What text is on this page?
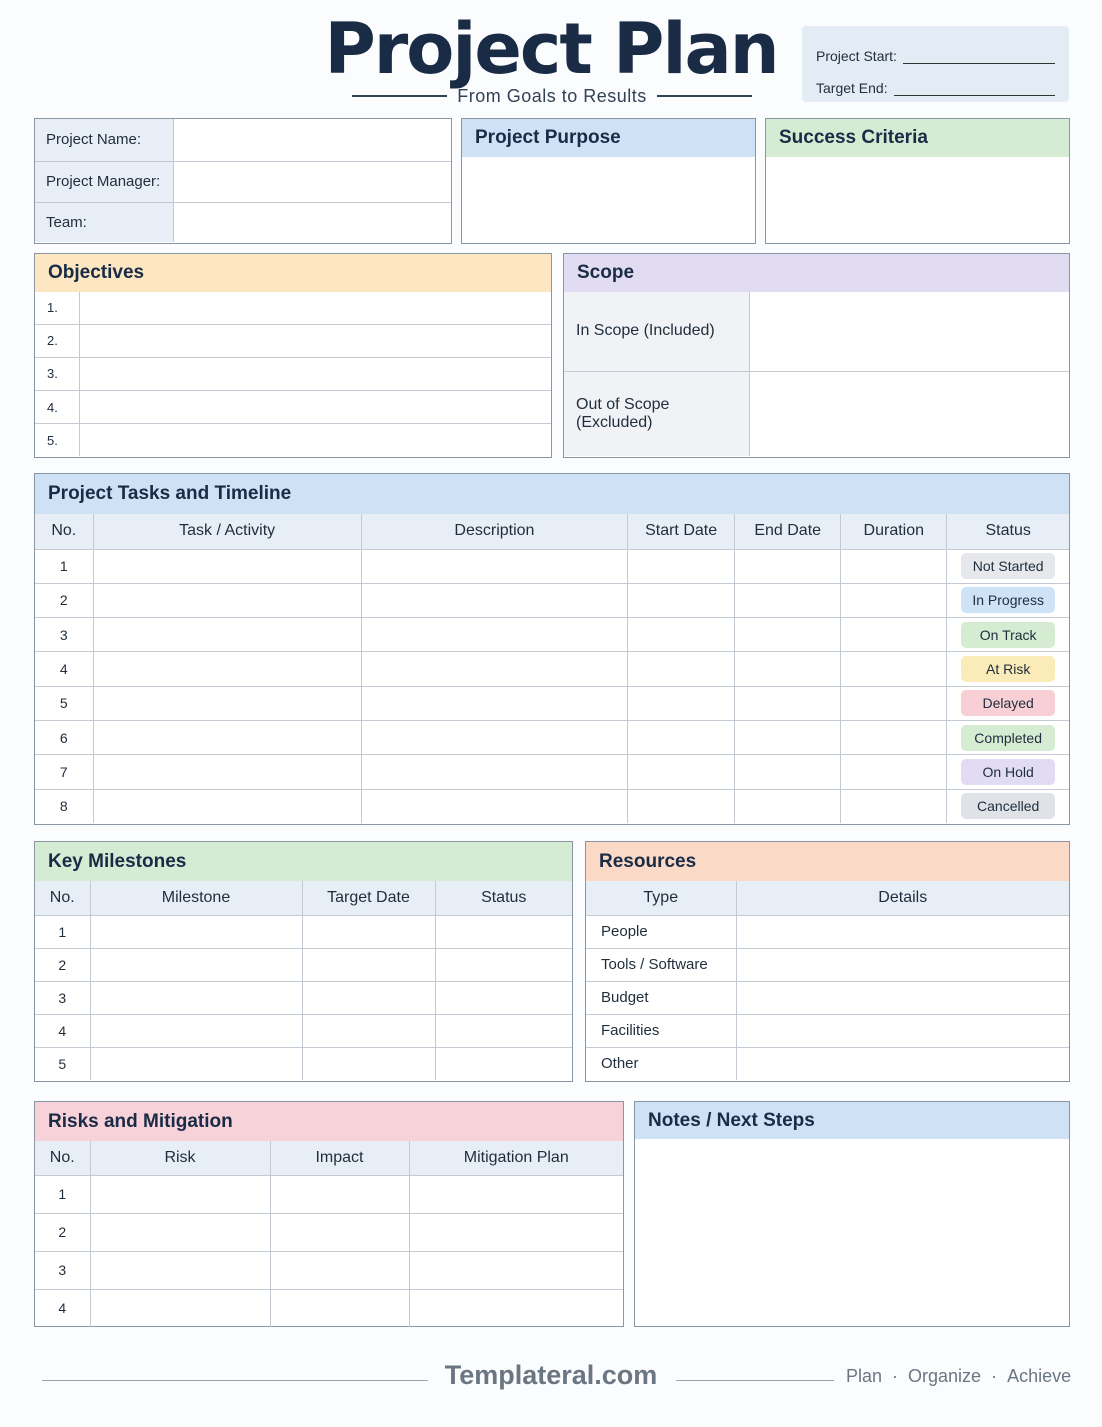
Project Plan
From Goals to Results
Project Start:
Target End:
Project Name:	
Project Manager:	
Team:	
Project Purpose	Success Criteria
Objectives
1.	
2.	
3.	
4.	
5.	
Scope
In Scope (Included)	
Out of Scope (Excluded)	
Project Tasks and Timeline
No.	Task / Activity	Description	Start Date	End Date	Duration	Status
1						Not Started
2						In Progress
3						On Track
4						At Risk
5						Delayed
6						Completed
7						On Hold
8						Cancelled
Key Milestones
No.	Milestone	Target Date	Status
1			
2			
3			
4			
5			
Resources
Type	Details
People	
Tools / Software	
Budget	
Facilities	
Other	
Risks and Mitigation
No.	Risk	Impact	Mitigation Plan
1			
2			
3			
4			
Notes / Next Steps
Templateral.com	Plan · Organize · Achieve
